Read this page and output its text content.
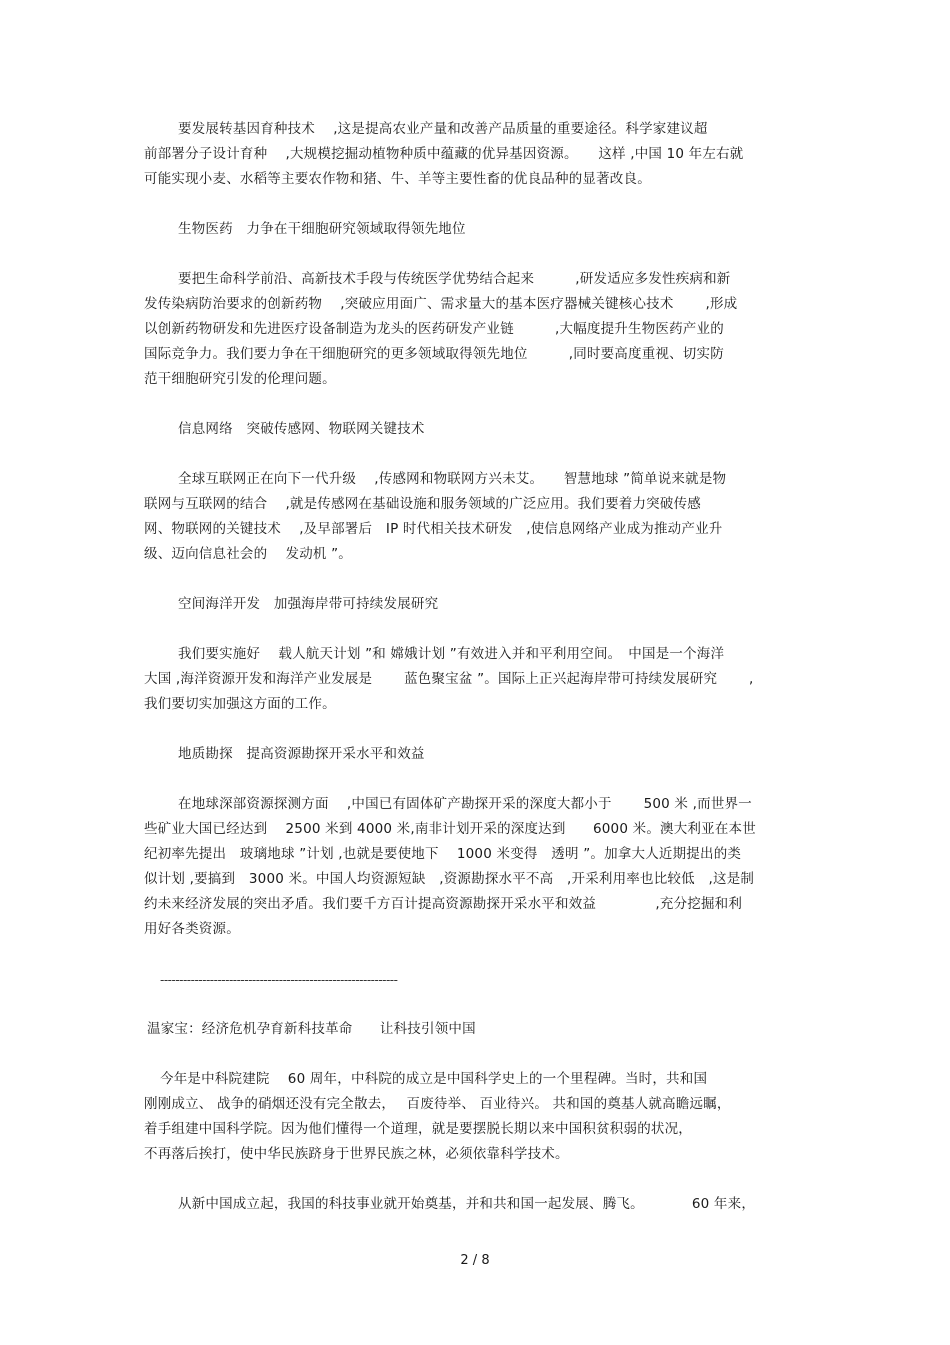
要发展转基因育种技术　 ,这是提高农业产量和改善产品质量的重要途径。科学家建议超
前部署分子设计育种　 ,大规模挖掘动植物种质中蕴藏的优异基因资源。　　这样 ,中国 10 年左右就
可能实现小麦、水稻等主要农作物和猪、牛、羊等主要性畜的优良品种的显著改良。
生物医药　力争在干细胞研究领域取得领先地位
要把生命科学前沿、高新技术手段与传统医学优势结合起来　　　,研发适应多发性疾病和新
发传染病防治要求的创新药物　 ,突破应用面广、需求量大的基本医疗器械关键核心技术　　 ,形成
以创新药物研发和先进医疗设备制造为龙头的医药研发产业链　　　,大幅度提升生物医药产业的
国际竞争力。我们要力争在干细胞研究的更多领域取得领先地位　　　,同时要高度重视、切实防
范干细胞研究引发的伦理问题。
信息网络　突破传感网、物联网关键技术
全球互联网正在向下一代升级　 ,传感网和物联网方兴未艾。　　智慧地球 ”简单说来就是物
联网与互联网的结合　 ,就是传感网在基础设施和服务领域的广泛应用。我们要着力突破传感
网、物联网的关键技术　 ,及早部署后　IP 时代相关技术研发　,使信息网络产业成为推动产业升
级、迈向信息社会的　 发动机 ”。
空间海洋开发　加强海岸带可持续发展研究
我们要实施好　 载人航天计划 ”和 嫦娥计划 ”有效进入并和平利用空间。　中国是一个海洋
大国 ,海洋资源开发和海洋产业发展是　　 蓝色聚宝盆 ”。国际上正兴起海岸带可持续发展研究　　 ,
我们要切实加强这方面的工作。
地质勘探　提高资源勘探开采水平和效益
在地球深部资源探测方面　 ,中国已有固体矿产勘探开采的深度大都小于　　 500 米 ,而世界一
些矿业大国已经达到　 2500 米到 4000 米,南非计划开采的深度达到　　6000 米。澳大利亚在本世
纪初率先提出　玻璃地球 ”计划 ,也就是要使地下　 1000 米变得　透明 ”。加拿大人近期提出的类
似计划 ,要搞到　3000 米。中国人均资源短缺　,资源勘探水平不高　,开采利用率也比较低　,这是制
约未来经济发展的突出矛盾。我们要千方百计提高资源勘探开采水平和效益　　　　 ,充分挖掘和利
用好各类资源。
--------------------------------------------------------------
温家宝：经济危机孕育新科技革命　　让科技引领中国
今年是中科院建院　 60 周年，中科院的成立是中国科学史上的一个里程碑。当时，共和国
刚刚成立、 战争的硝烟还没有完全散去，　 百废待举、 百业待兴。 共和国的奠基人就高瞻远瞩，
着手组建中国科学院。因为他们懂得一个道理，就是要摆脱长期以来中国积贫积弱的状况，
不再落后挨打，使中华民族跻身于世界民族之林，必须依靠科学技术。
从新中国成立起，我国的科技事业就开始奠基，并和共和国一起发展、腾飞。　　　　60 年来，
2 / 8
